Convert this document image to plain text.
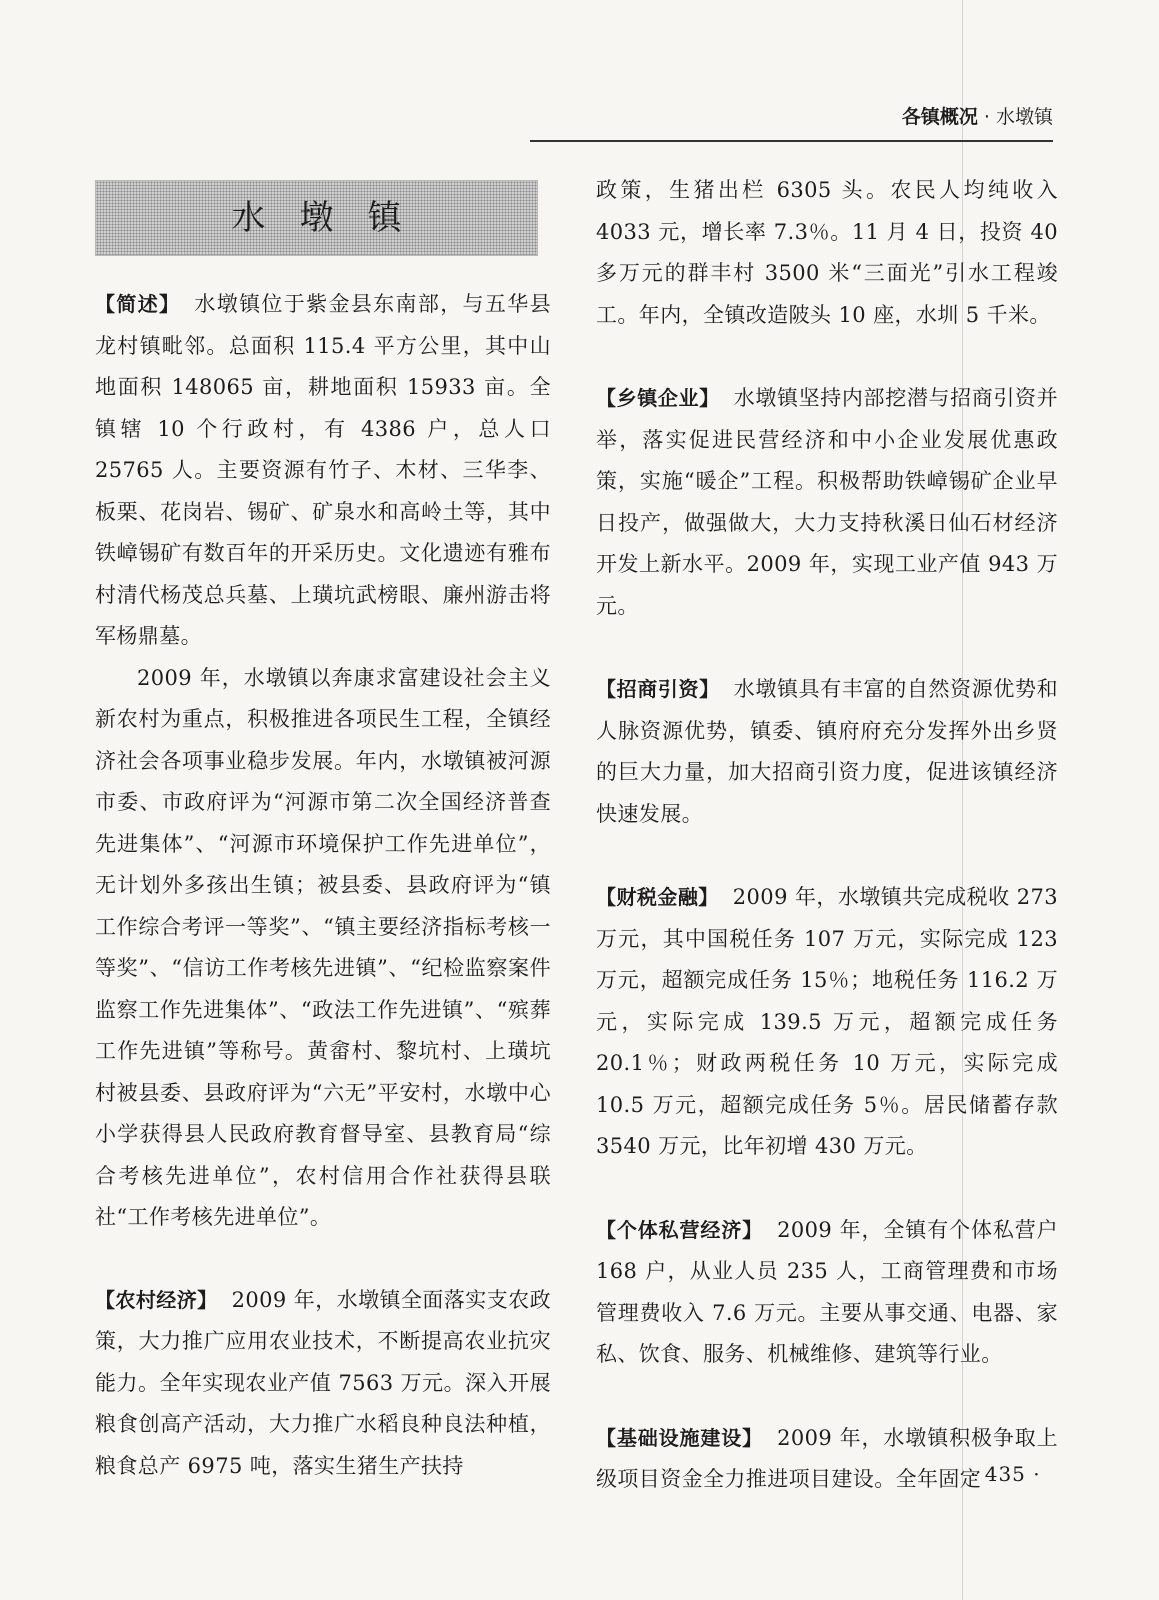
各镇概况 · 水墩镇
水墩镇

【简述】 水墩镇位于紫金县东南部，与五华县龙村镇毗邻。总面积 115.4 平方公里，其中山地面积 148065 亩，耕地面积 15933 亩。全镇辖 10 个行政村，有 4386 户，总人口 25765 人。主要资源有竹子、木材、三华李、板栗、花岗岩、锡矿、矿泉水和高岭土等，其中铁嶂锡矿有数百年的开采历史。文化遗迹有雅布村清代杨茂总兵墓、上璜坑武榜眼、廉州游击将军杨鼎墓。

2009 年，水墩镇以奔康求富建设社会主义新农村为重点，积极推进各项民生工程，全镇经济社会各项事业稳步发展。年内，水墩镇被河源市委、市政府评为“河源市第二次全国经济普查先进集体”、“河源市环境保护工作先进单位”，无计划外多孩出生镇；被县委、县政府评为“镇工作综合考评一等奖”、“镇主要经济指标考核一等奖”、“信访工作考核先进镇”、“纪检监察案件监察工作先进集体”、“政法工作先进镇”、“殡葬工作先进镇”等称号。黄畲村、黎坑村、上璜坑村被县委、县政府评为“六无”平安村，水墩中心小学获得县人民政府教育督导室、县教育局“综合考核先进单位”，农村信用合作社获得县联社“工作考核先进单位”。

【农村经济】 2009 年，水墩镇全面落实支农政策，大力推广应用农业技术，不断提高农业抗灾能力。全年实现农业产值 7563 万元。深入开展粮食创高产活动，大力推广水稻良种良法种植，粮食总产 6975 吨，落实生猪生产扶持

政策，生猪出栏 6305 头。农民人均纯收入 4033 元，增长率 7.3％。11 月 4 日，投资 40 多万元的群丰村 3500 米“三面光”引水工程竣工。年内，全镇改造陂头 10 座，水圳 5 千米。

【乡镇企业】 水墩镇坚持内部挖潜与招商引资并举，落实促进民营经济和中小企业发展优惠政策，实施“暖企”工程。积极帮助铁嶂锡矿企业早日投产，做强做大，大力支持秋溪日仙石材经济开发上新水平。2009 年，实现工业产值 943 万元。

【招商引资】 水墩镇具有丰富的自然资源优势和人脉资源优势，镇委、镇府府充分发挥外出乡贤的巨大力量，加大招商引资力度，促进该镇经济快速发展。

【财税金融】 2009 年，水墩镇共完成税收 273 万元，其中国税任务 107 万元，实际完成 123 万元，超额完成任务 15％；地税任务 116.2 万元，实际完成 139.5 万元，超额完成任务 20.1％；财政两税任务 10 万元，实际完成 10.5 万元，超额完成任务 5％。居民储蓄存款 3540 万元，比年初增 430 万元。

【个体私营经济】 2009 年，全镇有个体私营户 168 户，从业人员 235 人，工商管理费和市场管理费收入 7.6 万元。主要从事交通、电器、家私、饮食、服务、机械维修、建筑等行业。

【基础设施建设】 2009 年，水墩镇积极争取上级项目资金全力推进项目建设。全年固定

· 435 ·
